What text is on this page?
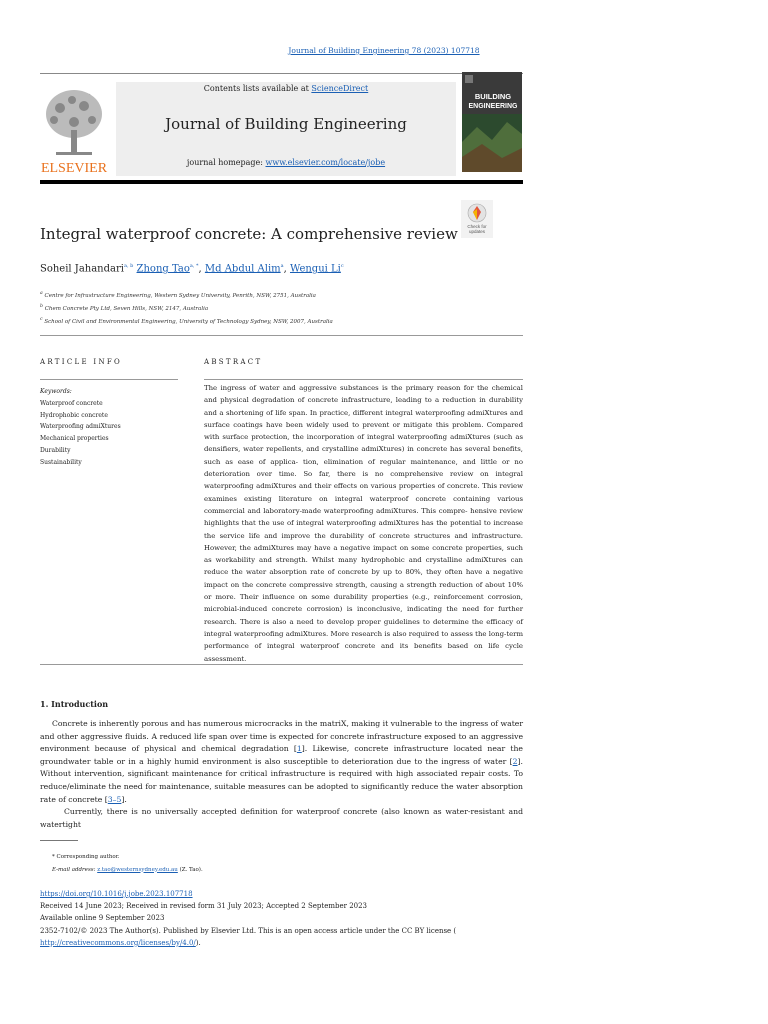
Journal of Building Engineering 78 (2023) 107718
ELSEVIER
Contents lists available at ScienceDirect
Journal of Building Engineering
journal homepage: www.elsevier.com/locate/jobe
BUILDING
ENGINEERING
Check for
updates
Integral waterproof concrete: A comprehensive review
Soheil Jahandari$^{a, b}$ Zhong Tao$^{a, *}$, Md Abdul Alim$^a$, Wengui Li$^c$
$^a$ Centre for Infrastructure Engineering, Western Sydney University, Penrith, NSW, 2751, Australia
$^b$ Chem Concrete Pty Ltd, Seven Hills, NSW, 2147, Australia
$^c$ School of Civil and Environmental Engineering, University of Technology Sydney, NSW, 2007, Australia
ARTICLE INFO	ABSTRACT
Keywords:
Waterproof concrete
Hydrophobic concrete
Waterproofing admiXtures
Mechanical properties
Durability
Sustainability
The ingress of water and aggressive substances is the primary reason for the chemical and physical degradation of concrete infrastructure, leading to a reduction in durability and a shortening of life span. In practice, different integral waterproofing admiXtures and surface coatings have been widely used to prevent or mitigate this problem. Compared with surface protection, the incorporation of integral waterproofing admiXtures (such as densifiers, water repellents, and crystalline admiXtures) in concrete has several benefits, such as ease of applica- tion, elimination of regular maintenance, and little or no deterioration over time. So far, there is no comprehensive review on integral waterproofing admiXtures and their effects on various properties of concrete. This review examines existing literature on integral waterproof concrete containing various commercial and laboratory-made waterproofing admiXtures. This compre- hensive review highlights that the use of integral waterproofing admiXtures has the potential to increase the service life and improve the durability of concrete structures and infrastructure. However, the admiXtures may have a negative impact on some concrete properties, such as workability and strength. Whilst many hydrophobic and crystalline admiXtures can reduce the water absorption rate of concrete by up to 80%, they often have a negative impact on the concrete compressive strength, causing a strength reduction of about 10% or more. Their influence on some durability properties (e.g., reinforcement corrosion, microbial-induced concrete corrosion) is inconclusive, indicating the need for further research. There is also a need to develop proper guidelines to determine the efficacy of integral waterproofing admiXtures. More research is also required to assess the long-term performance of integral waterproof concrete and its benefits based on life cycle assessment.
1. Introduction

Concrete is inherently porous and has numerous microcracks in the matriX, making it vulnerable to the ingress of water and other aggressive fluids. A reduced life span over time is expected for concrete infrastructure exposed to an aggressive environment because of physical and chemical degradation [1]. Likewise, concrete infrastructure located near the groundwater table or in a highly humid environment is also susceptible to deterioration due to the ingress of water [2]. Without intervention, significant maintenance for critical infrastructure is required with high associated repair costs. To reduce/eliminate the need for maintenance, suitable measures can be adopted to significantly reduce the water absorption rate of concrete [3–5].

Currently, there is no universally accepted definition for waterproof concrete (also known as water-resistant and watertight

* Corresponding author.
E-mail address: z.tao@westernsydney.edu.au (Z. Tao).
https://doi.org/10.1016/j.jobe.2023.107718
Received 14 June 2023; Received in revised form 31 July 2023; Accepted 2 September 2023
Available online 9 September 2023
2352-7102/© 2023 The Author(s). Published by Elsevier Ltd. This is an open access article under the CC BY license (
http://creativecommons.org/licenses/by/4.0/).
